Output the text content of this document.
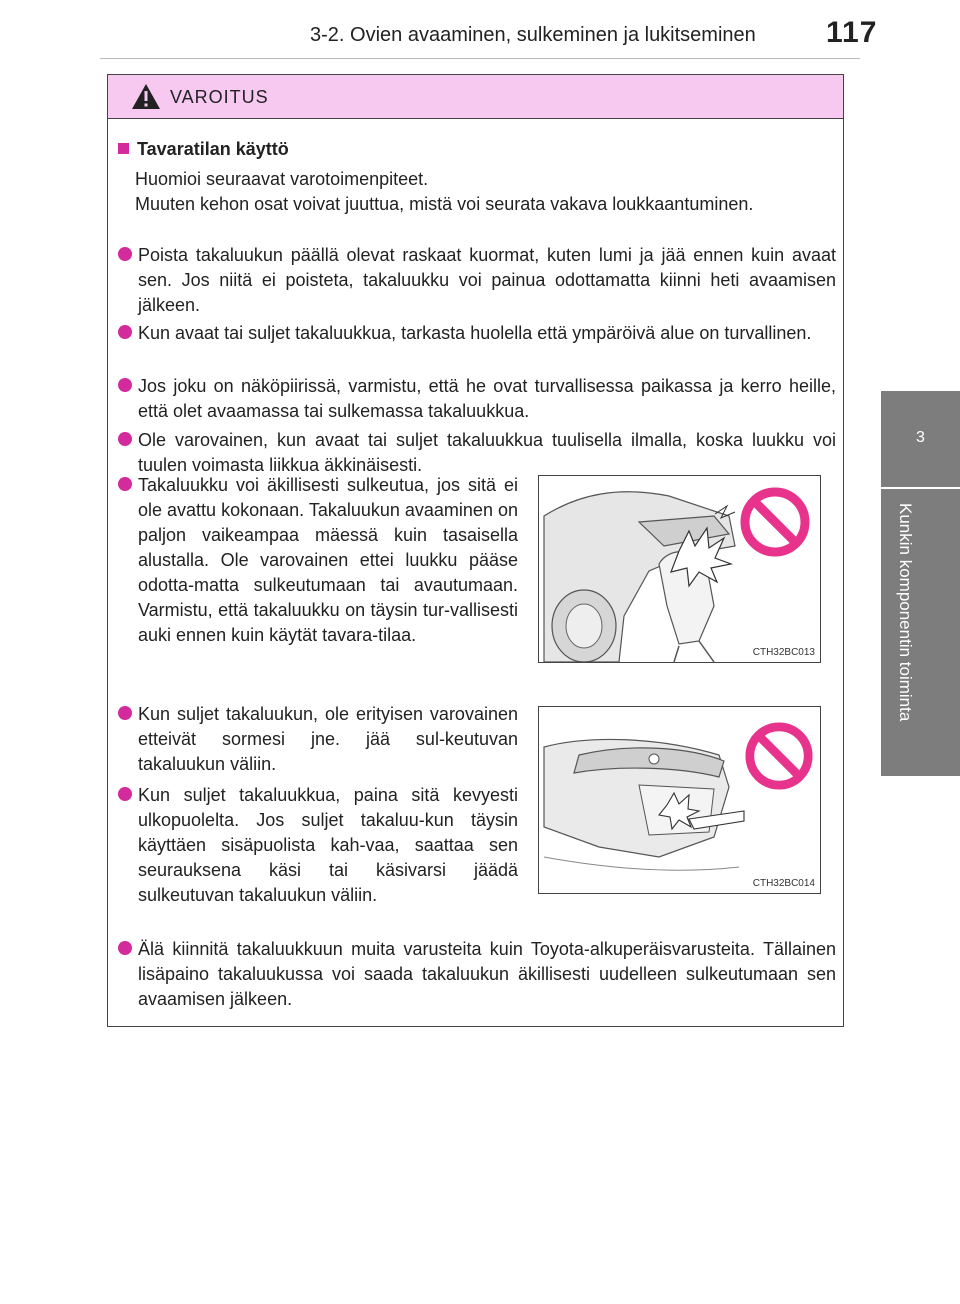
3-2. Ovien avaaminen, sulkeminen ja lukitseminen 117
3
Kunkin komponentin toiminta
VAROITUS
Tavaratilan käyttö
Huomioi seuraavat varotoimenpiteet.
Muuten kehon osat voivat juuttua, mistä voi seurata vakava loukkaantuminen.
Poista takaluukun päällä olevat raskaat kuormat, kuten lumi ja jää ennen kuin avaat sen. Jos niitä ei poisteta, takaluukku voi painua odottamatta kiinni heti avaamisen jälkeen.
Kun avaat tai suljet takaluukkua, tarkasta huolella että ympäröivä alue on turvallinen.
Jos joku on näköpiirissä, varmistu, että he ovat turvallisessa paikassa ja kerro heille, että olet avaamassa tai sulkemassa takaluukkua.
Ole varovainen, kun avaat tai suljet takaluukkua tuulisella ilmalla, koska luukku voi tuulen voimasta liikkua äkkinäisesti.
Takaluukku voi äkillisesti sulkeutua, jos sitä ei ole avattu kokonaan. Takaluukun avaaminen on paljon vaikeampaa mäessä kuin tasaisella alustalla. Ole varovainen ettei luukku pääse odotta-matta sulkeutumaan tai avautumaan. Varmistu, että takaluukku on täysin tur-vallisesti auki ennen kuin käytät tavara-tilaa.
Kun suljet takaluukun, ole erityisen varovainen etteivät sormesi jne. jää sul-keutuvan takaluukun väliin.
Kun suljet takaluukkua, paina sitä kevyesti ulkopuolelta. Jos suljet takaluu-kun täysin käyttäen sisäpuolista kah-vaa, saattaa sen seurauksena käsi tai käsivarsi jäädä sulkeutuvan takaluukun väliin.
Älä kiinnitä takaluukkuun muita varusteita kuin Toyota-alkuperäisvarusteita. Tällainen lisäpaino takaluukussa voi saada takaluukun äkillisesti uudelleen sulkeutumaan sen avaamisen jälkeen.
CTH32BC013
CTH32BC014
